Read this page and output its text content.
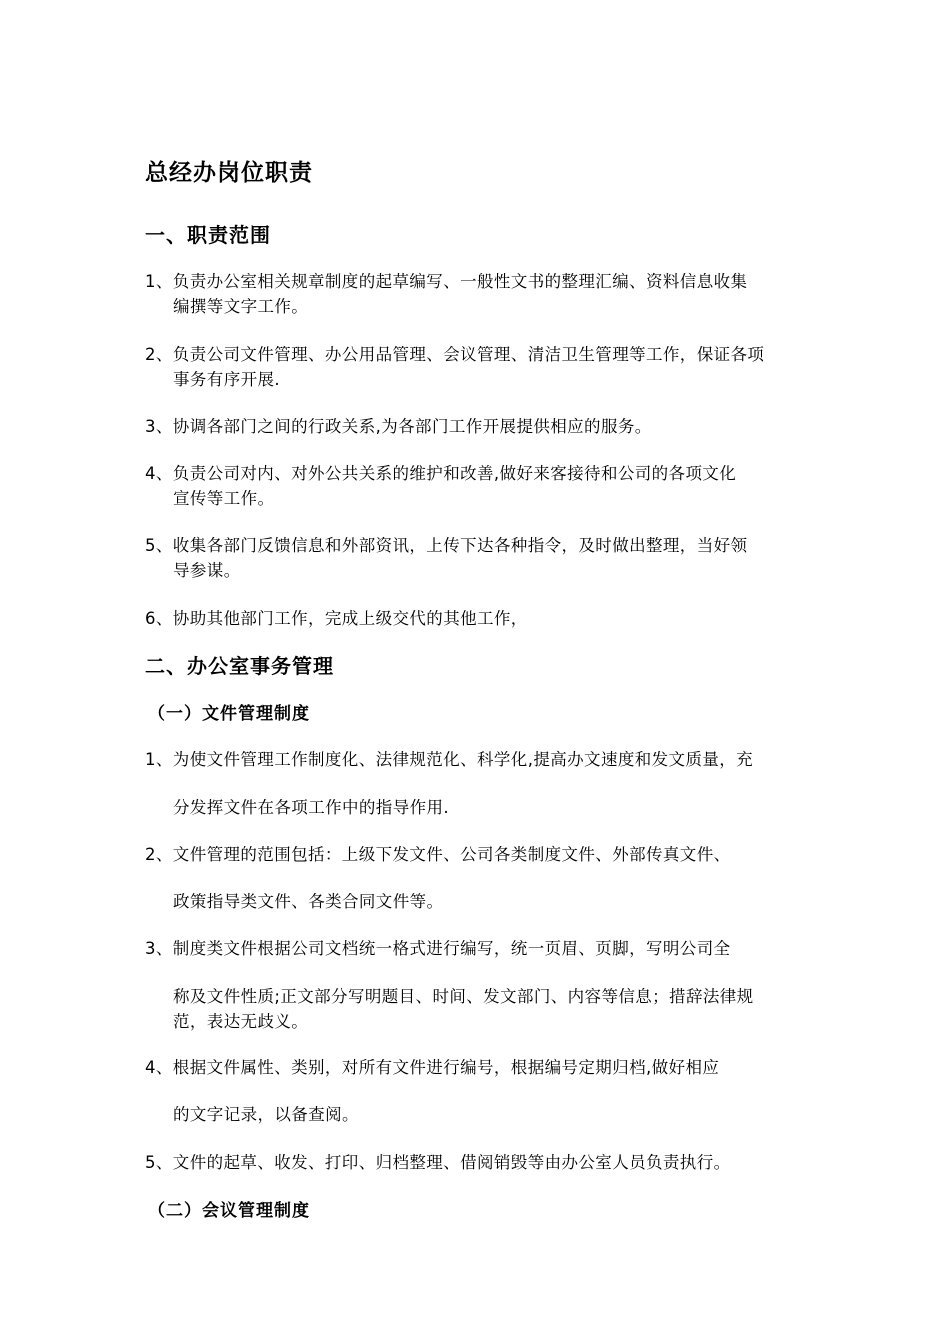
总经办岗位职责
一、职责范围
1、负责办公室相关规章制度的起草编写、一般性文书的整理汇编、资料信息收集
编撰等文字工作。
2、负责公司文件管理、办公用品管理、会议管理、清洁卫生管理等工作，保证各项
事务有序开展.
3、协调各部门之间的行政关系,为各部门工作开展提供相应的服务。
4、负责公司对内、对外公共关系的维护和改善,做好来客接待和公司的各项文化
宣传等工作。
5、收集各部门反馈信息和外部资讯，上传下达各种指令，及时做出整理，当好领
导参谋。
6、协助其他部门工作，完成上级交代的其他工作，
二、办公室事务管理
（一）文件管理制度
1、为使文件管理工作制度化、法律规范化、科学化,提高办文速度和发文质量，充
分发挥文件在各项工作中的指导作用.
2、文件管理的范围包括：上级下发文件、公司各类制度文件、外部传真文件、
政策指导类文件、各类合同文件等。
3、制度类文件根据公司文档统一格式进行编写，统一页眉、页脚，写明公司全
称及文件性质;正文部分写明题目、时间、发文部门、内容等信息；措辞法律规
范，表达无歧义。
4、根据文件属性、类别，对所有文件进行编号，根据编号定期归档,做好相应
的文字记录，以备查阅。
5、文件的起草、收发、打印、归档整理、借阅销毁等由办公室人员负责执行。
（二）会议管理制度
